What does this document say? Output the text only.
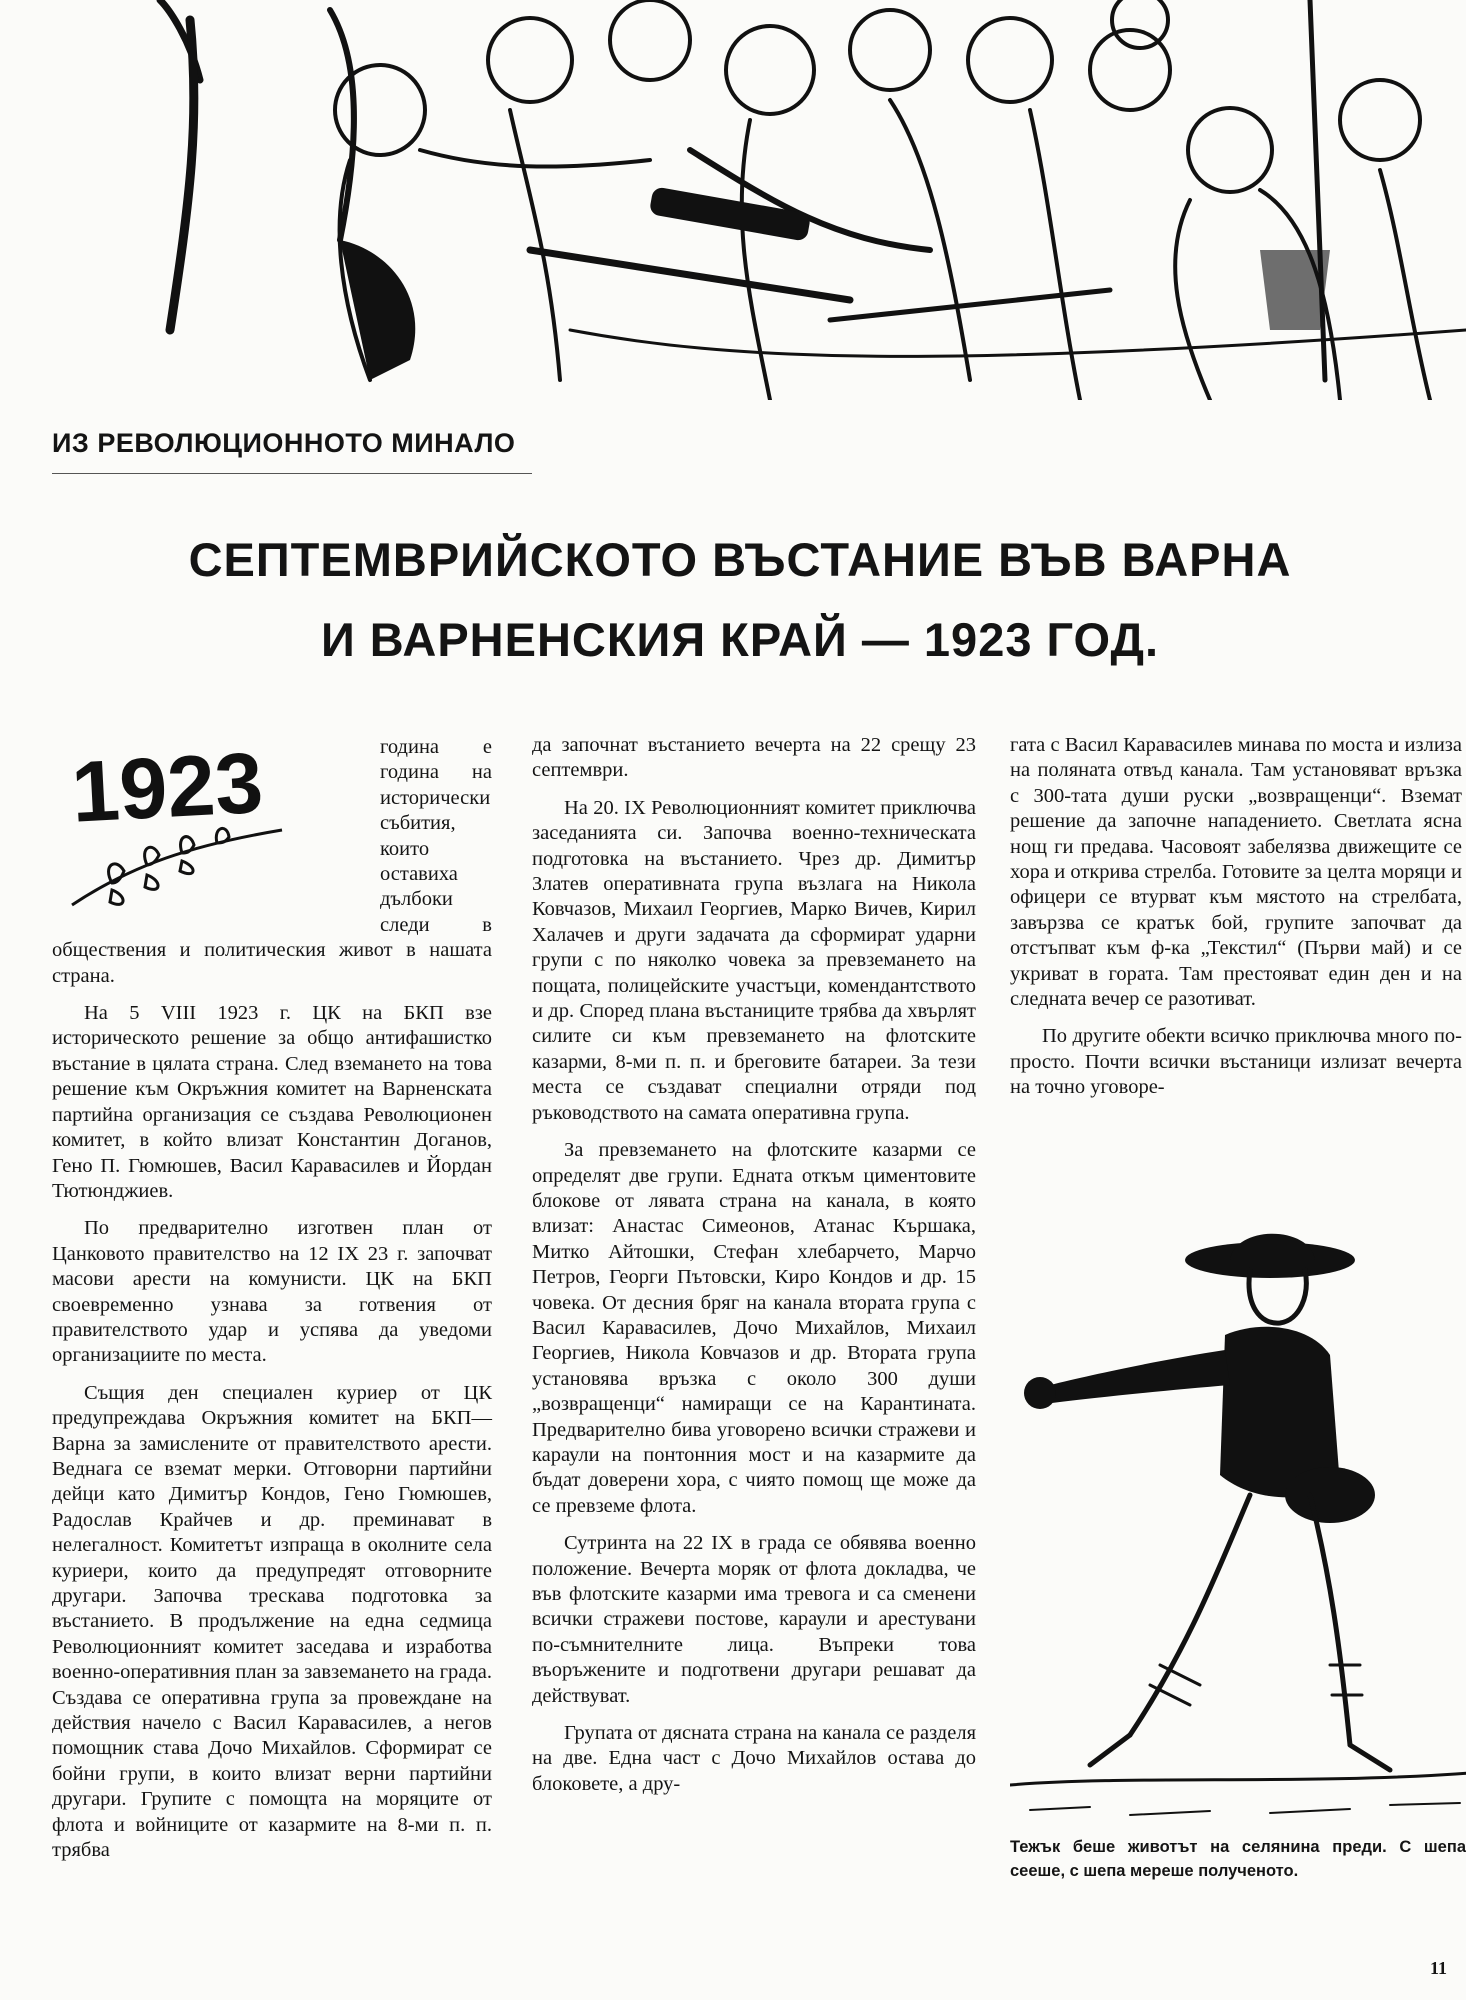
ИЗ РЕВОЛЮЦИОННОТО МИНАЛО
СЕПТЕМВРИЙСКОТО ВЪСТАНИЕ ВЪВ ВАРНА
И ВАРНЕНСКИЯ КРАЙ — 1923 ГОД.
1923	година е година на исторически събития, които оставиха дълбоки следи в обществения и политическия живот в нашата страна.

На 5 VIII 1923 г. ЦК на БКП взе историческото решение за общо антифашистко въстание в цялата страна. След вземането на това решение към Окръжния комитет на Варненската партийна организация се създава Революционен комитет, в който влизат Константин Доганов, Гено П. Гюмюшев, Васил Каравасилев и Йордан Тютюнджиев.

По предварително изготвен план от Цанковото правителство на 12 IX 23 г. започват масови арести на комунисти. ЦК на БКП своевременно узнава за готвения от правителството удар и успява да уведоми организациите по места.

Същия ден специален куриер от ЦК предупреждава Окръжния комитет на БКП—Варна за замислените от правителството арести. Веднага се вземат мерки. Отговорни партийни дейци като Димитър Кондов, Гено Гюмюшев, Радослав Крайчев и др. преминават в нелегалност. Комитетът изпраща в околните села куриери, които да предупредят отговорните другари. Започва трескава подготовка за въстанието. В продължение на една седмица Революционният комитет заседава и изработва военно-оперативния план за завземането на града. Създава се оперативна група за провеждане на действия начело с Васил Каравасилев, а негов помощник става Дочо Михайлов. Сформират се бойни групи, в които влизат верни партийни другари. Групите с помощта на моряците от флота и войниците от казармите на 8-ми п. п. трябва

да започнат въстанието вечерта на 22 срещу 23 септември.

На 20. IX Революционният комитет приключва заседанията си. Започва военно-техническата подготовка на въстанието. Чрез др. Димитър Златев оперативната група възлага на Никола Ковчазов, Михаил Георгиев, Марко Вичев, Кирил Халачев и други задачата да сформират ударни групи с по няколко човека за превземането на пощата, полицейските участъци, комендантството и др. Според плана въстаниците трябва да хвърлят силите си към превземането на флотските казарми, 8-ми п. п. и бреговите батареи. За тези места се създават специални отряди под ръководството на самата оперативна група.

За превземането на флотските казарми се определят две групи. Едната откъм циментовите блокове от лявата страна на канала, в която влизат: Анастас Симеонов, Атанас Кършака, Митко Айтошки, Стефан хлебарчето, Марчо Петров, Георги Пътовски, Киро Кондов и др. 15 човека. От десния бряг на канала втората група с Васил Каравасилев, Дочо Михайлов, Михаил Георгиев, Никола Ковчазов и др. Втората група установява връзка с около 300 души „возвращенци“ намиращи се на Карантината. Предварително бива уговорено всички стражеви и караули на понтонния мост и на казармите да бъдат доверени хора, с чиято помощ ще може да се превземе флота.

Сутринта на 22 IX в града се обявява военно положение. Вечерта моряк от флота докладва, че във флотските казарми има тревога и са сменени всички стражеви постове, караули и арестувани по-съмнителните лица. Въпреки това въоръжените и подготвени другари решават да действуват.

Групата от дясната страна на канала се разделя на две. Една част с Дочо Михайлов остава до блоковете, а дру-

гата с Васил Каравасилев минава по моста и излиза на поляната отвъд канала. Там установяват връзка с 300-тата души руски „возвращенци“. Вземат решение да започне нападението. Светлата ясна нощ ги предава. Часовоят забелязва движещите се хора и открива стрелба. Готовите за целта моряци и офицери се втурват към мястото на стрелбата, завързва се кратък бой, групите започват да отстъпват към ф-ка „Текстил“ (Първи май) и се укриват в гората. Там престояват един ден и на следната вечер се разотиват.

По другите обекти всичко приключва много по-просто. Почти всички въстаници излизат вечерта на точно уговоре-

Тежък беше животът на селянина преди. С шепа сееше, с шепа мереше полученото.
11
